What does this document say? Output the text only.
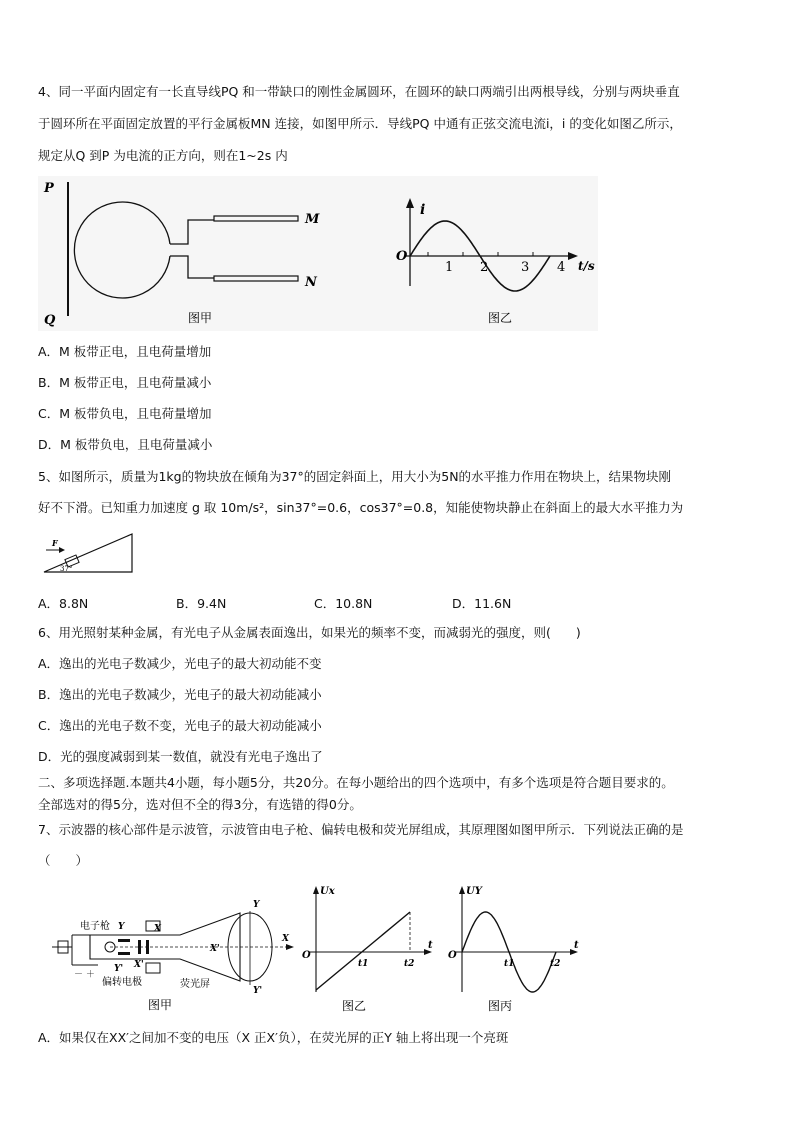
4、同一平面内固定有一长直导线PQ 和一带缺口的刚性金属圆环，在圆环的缺口两端引出两根导线，分别与两块垂直
于圆环所在平面固定放置的平行金属板MN 连接，如图甲所示．导线PQ 中通有正弦交流电流i，i 的变化如图乙所示，
规定从Q 到P 为电流的正方向，则在1~2s 内
P
Q
M
N
图甲
i
O
t/s
1 2	3 4
图乙
A．M 板带正电，且电荷量增加
B．M 板带正电，且电荷量减小
C．M 板带负电，且电荷量增加
D．M 板带负电，且电荷量减小
5、如图所示，质量为1kg的物块放在倾角为37°的固定斜面上，用大小为5N的水平推力作用在物块上，结果物块刚
好不下滑。已知重力加速度 g 取 10m/s²，sin37°=0.6，cos37°=0.8，知能使物块静止在斜面上的最大水平推力为
F
37°
A．8.8N	B．9.4N	C．10.8N	D．11.6N
6、用光照射某种金属，有光电子从金属表面逸出，如果光的频率不变，而减弱光的强度，则(　　)
A．逸出的光电子数减少，光电子的最大初动能不变
B．逸出的光电子数减少，光电子的最大初动能减小
C．逸出的光电子数不变，光电子的最大初动能减小
D．光的强度减弱到某一数值，就没有光电子逸出了
二、多项选择题.本题共4小题，每小题5分，共20分。在每小题给出的四个选项中，有多个选项是符合题目要求的。
全部选对的得5分，选对但不全的得3分，有选错的得0分。
7、示波器的核心部件是示波管，示波管由电子枪、偏转电极和荧光屏组成，其原理图如图甲所示．下列说法正确的是
（　　）
－ ＋
电子枪 Y
Y'
X
X'
偏转电极	荧光屏
Y
Y'
X'
X
图甲
Ux
O
t
t1	t2
图乙
UY
O
t
t1	t2
图丙
A．如果仅在XX′之间加不变的电压（X 正X′负），在荧光屏的正Y 轴上将出现一个亮斑
